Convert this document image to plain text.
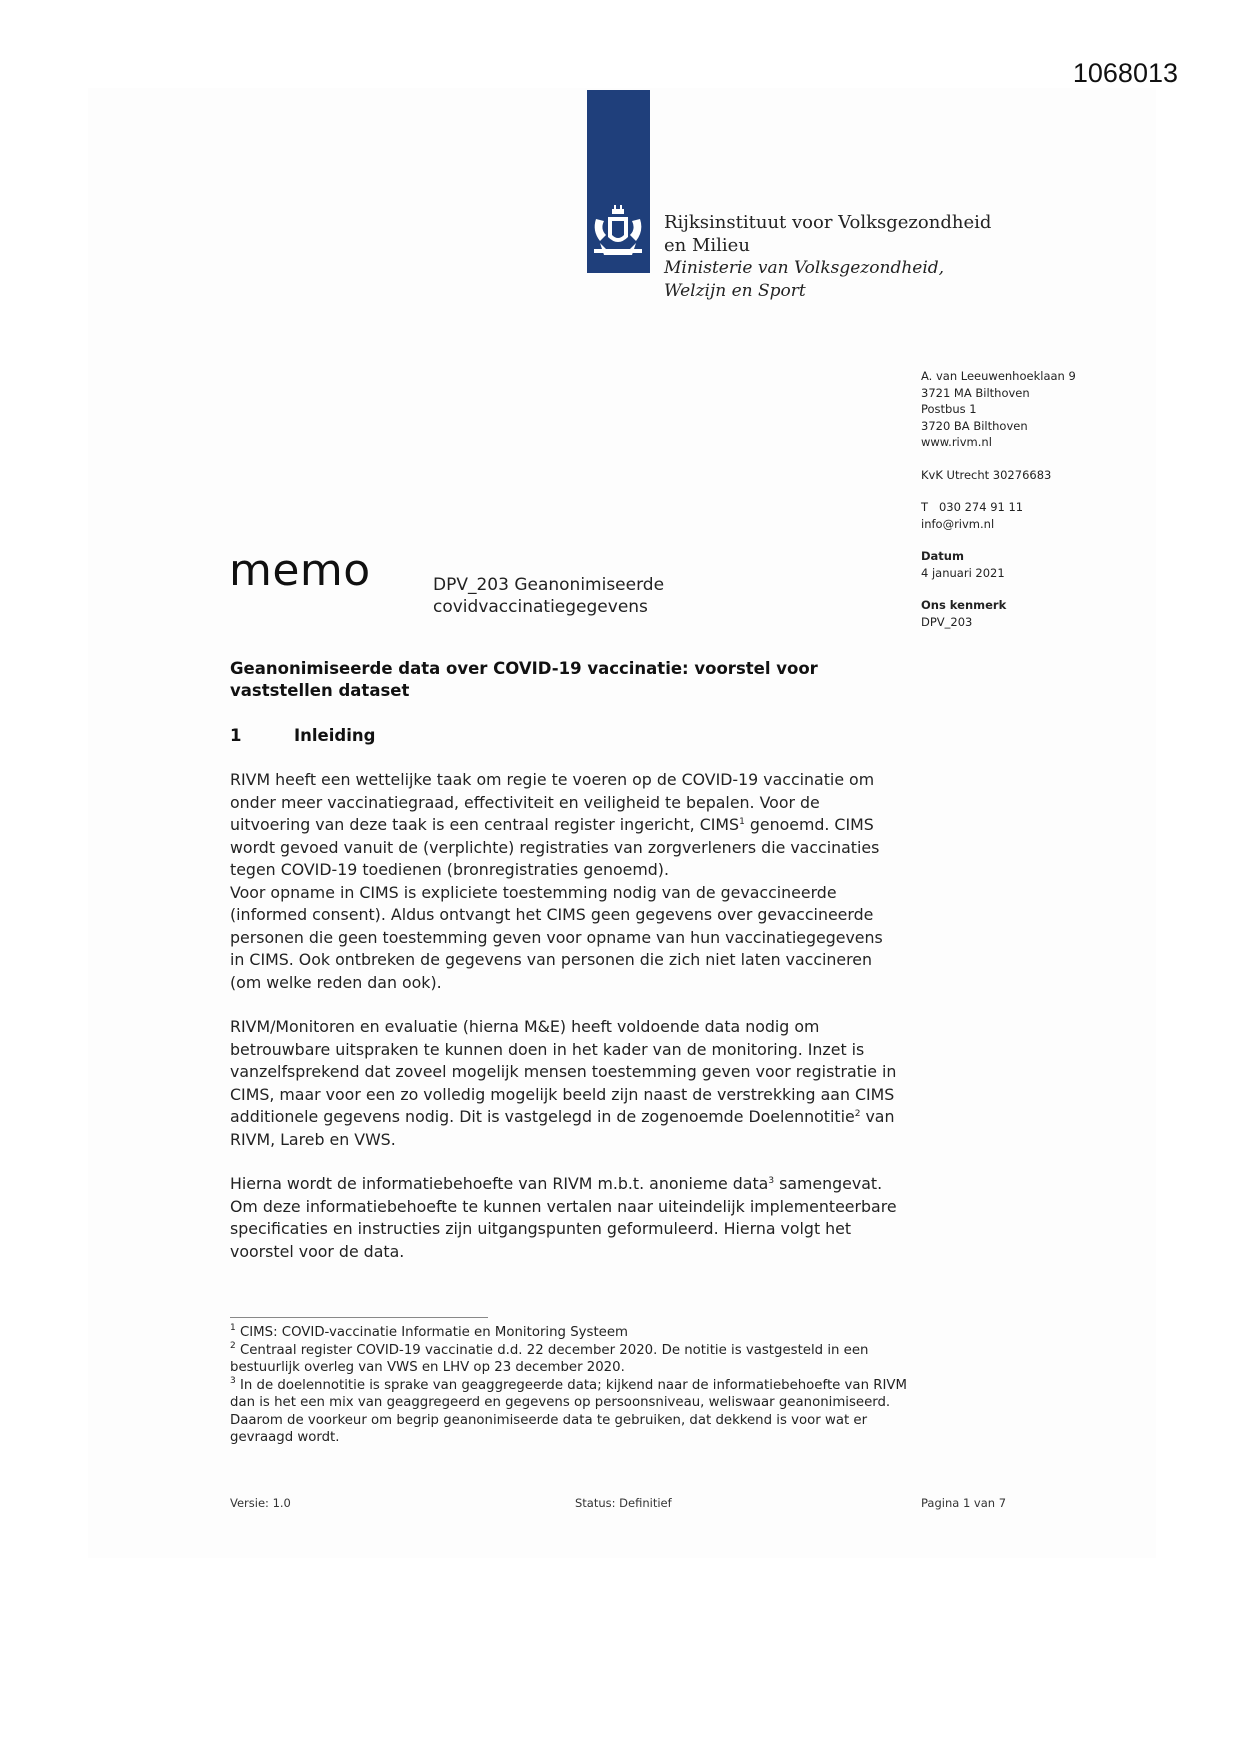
1068013
Rijksinstituut voor Volksgezondheid
en Milieu
Ministerie van Volksgezondheid,
Welzijn en Sport
A. van Leeuwenhoeklaan 9
3721 MA Bilthoven
Postbus 1
3720 BA Bilthoven
www.rivm.nl
KvK Utrecht 30276683
T   030 274 91 11
info@rivm.nl
Datum
4 januari 2021
Ons kenmerk
DPV_203
memo	DPV_203 Geanonimiseerde
covidvaccinatiegegevens
Geanonimiseerde data over COVID-19 vaccinatie: voorstel voor vaststellen dataset
1	Inleiding

RIVM heeft een wettelijke taak om regie te voeren op de COVID-19 vaccinatie om onder meer vaccinatiegraad, effectiviteit en veiligheid te bepalen. Voor de uitvoering van deze taak is een centraal register ingericht, CIMS$^1$ genoemd. CIMS wordt gevoed vanuit de (verplichte) registraties van zorgverleners die vaccinaties tegen COVID-19 toedienen (bronregistraties genoemd).

Voor opname in CIMS is expliciete toestemming nodig van de gevaccineerde (informed consent). Aldus ontvangt het CIMS geen gegevens over gevaccineerde personen die geen toestemming geven voor opname van hun vaccinatiegegevens in CIMS. Ook ontbreken de gegevens van personen die zich niet laten vaccineren (om welke reden dan ook).

RIVM/Monitoren en evaluatie (hierna M&E) heeft voldoende data nodig om betrouwbare uitspraken te kunnen doen in het kader van de monitoring. Inzet is vanzelfsprekend dat zoveel mogelijk mensen toestemming geven voor registratie in CIMS, maar voor een zo volledig mogelijk beeld zijn naast de verstrekking aan CIMS additionele gegevens nodig. Dit is vastgelegd in de zogenoemde Doelennotitie$^2$ van RIVM, Lareb en VWS.

Hierna wordt de informatiebehoefte van RIVM m.b.t. anonieme data$^3$ samengevat. Om deze informatiebehoefte te kunnen vertalen naar uiteindelijk implementeerbare specificaties en instructies zijn uitgangspunten geformuleerd. Hierna volgt het voorstel voor de data.

$^1$ CIMS: COVID-vaccinatie Informatie en Monitoring Systeem

$^2$ Centraal register COVID-19 vaccinatie d.d. 22 december 2020. De notitie is vastgesteld in een bestuurlijk overleg van VWS en LHV op 23 december 2020.

$^3$ In de doelennotitie is sprake van geaggregeerde data; kijkend naar de informatiebehoefte van RIVM dan is het een mix van geaggregeerd en gegevens op persoonsniveau, weliswaar geanonimiseerd. Daarom de voorkeur om begrip geanonimiseerde data te gebruiken, dat dekkend is voor wat er gevraagd wordt.

Versie: 1.0	Status: Definitief	Pagina 1 van 7
